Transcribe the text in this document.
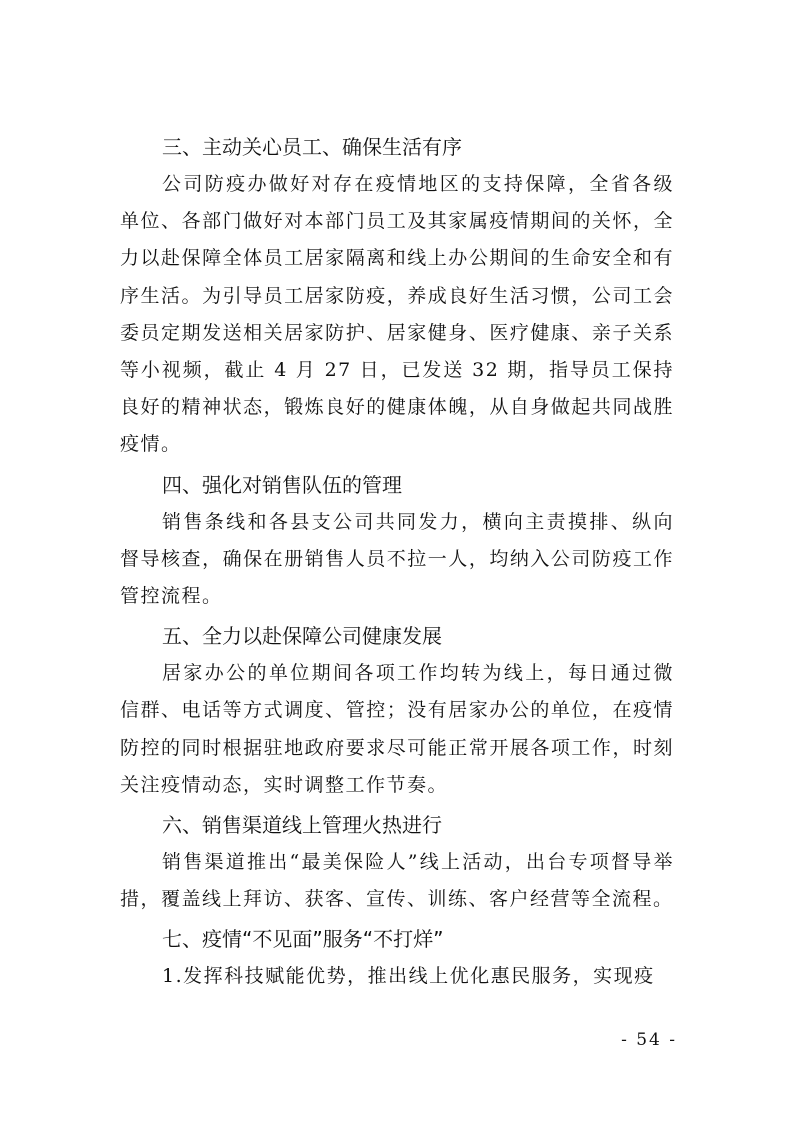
三、主动关心员工、确保生活有序

公司防疫办做好对存在疫情地区的支持保障，全省各级单位、各部门做好对本部门员工及其家属疫情期间的关怀，全力以赴保障全体员工居家隔离和线上办公期间的生命安全和有序生活。为引导员工居家防疫，养成良好生活习惯，公司工会委员定期发送相关居家防护、居家健身、医疗健康、亲子关系等小视频，截止 4 月 27 日，已发送 32 期，指导员工保持良好的精神状态，锻炼良好的健康体魄，从自身做起共同战胜疫情。

四、强化对销售队伍的管理

销售条线和各县支公司共同发力，横向主责摸排、纵向督导核查，确保在册销售人员不拉一人，均纳入公司防疫工作管控流程。

五、全力以赴保障公司健康发展

居家办公的单位期间各项工作均转为线上，每日通过微信群、电话等方式调度、管控；没有居家办公的单位，在疫情防控的同时根据驻地政府要求尽可能正常开展各项工作，时刻关注疫情动态，实时调整工作节奏。

六、销售渠道线上管理火热进行

销售渠道推出“最美保险人”线上活动，出台专项督导举措，覆盖线上拜访、获客、宣传、训练、客户经营等全流程。

七、疫情“不见面”服务“不打烊”

1.发挥科技赋能优势，推出线上优化惠民服务，实现疫

- 54 -
